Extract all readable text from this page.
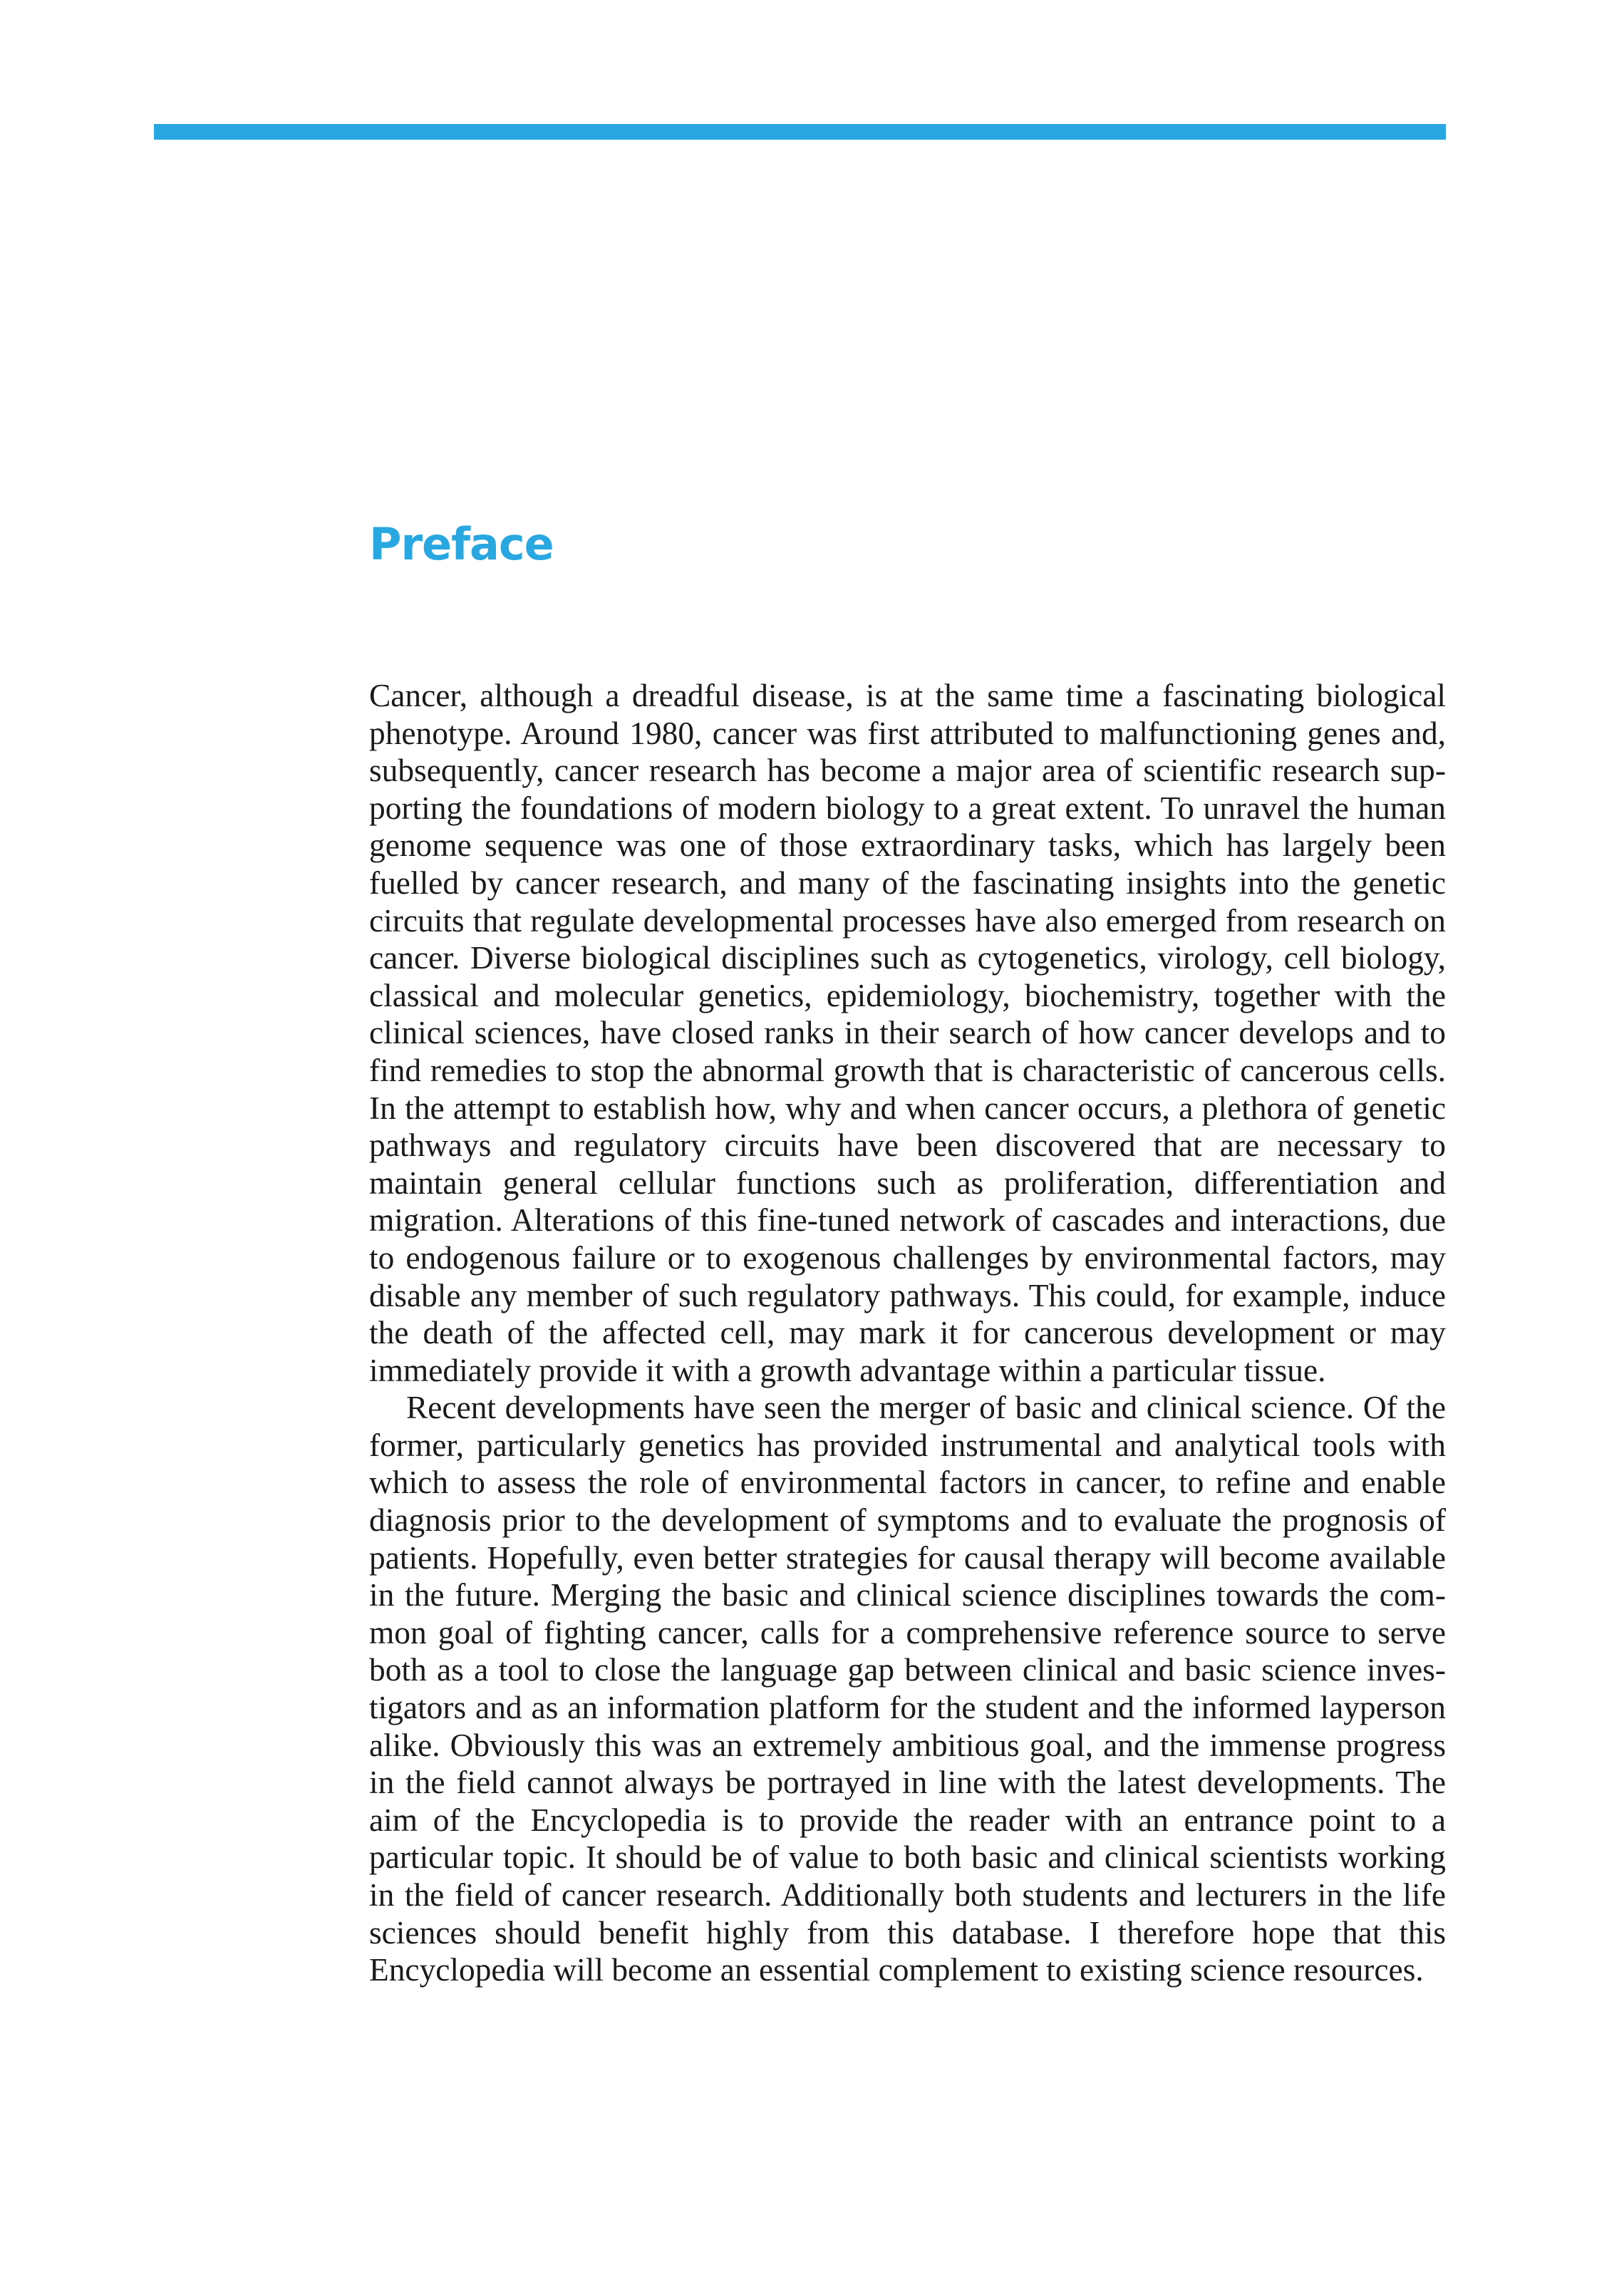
Preface

Cancer, although a dreadful disease, is at the same time a fascinating biological phenotype. Around 1980, cancer was first attributed to malfunctioning genes and, subsequently, cancer research has become a major area of scientific research supporting the foundations of modern biology to a great extent. To unravel the human genome sequence was one of those extraordinary tasks, which has largely been fuelled by cancer research, and many of the fascinating insights into the genetic circuits that regulate developmental processes have also emerged from research on cancer. Diverse biological disciplines such as cytogenetics, virology, cell biology, classical and molecular genetics, epidemiology, biochemistry, together with the clinical sciences, have closed ranks in their search of how cancer develops and to find remedies to stop the abnormal growth that is characteristic of cancerous cells. In the attempt to establish how, why and when cancer occurs, a plethora of genetic pathways and regulatory circuits have been discovered that are necessary to maintain general cellular functions such as proliferation, differentiation and migration. Alterations of this fine-tuned network of cascades and interactions, due to endogenous failure or to exogenous challenges by environmental factors, may disable any member of such regulatory pathways. This could, for example, induce the death of the affected cell, may mark it for cancerous development or may immediately provide it with a growth advantage within a particular tissue.

Recent developments have seen the merger of basic and clinical science. Of the former, particularly genetics has provided instrumental and analytical tools with which to assess the role of environmental factors in cancer, to refine and enable diagnosis prior to the development of symptoms and to evaluate the prognosis of patients. Hopefully, even better strategies for causal therapy will become available in the future. Merging the basic and clinical science disciplines towards the common goal of fighting cancer, calls for a comprehensive reference source to serve both as a tool to close the language gap between clinical and basic science investigators and as an information platform for the student and the informed layperson alike. Obviously this was an extremely ambitious goal, and the immense progress in the field cannot always be portrayed in line with the latest developments. The aim of the Encyclopedia is to provide the reader with an entrance point to a particular topic. It should be of value to both basic and clinical scientists working in the field of cancer research. Additionally both students and lecturers in the life sciences should benefit highly from this database. I therefore hope that this Encyclopedia will become an essential complement to existing science resources.
